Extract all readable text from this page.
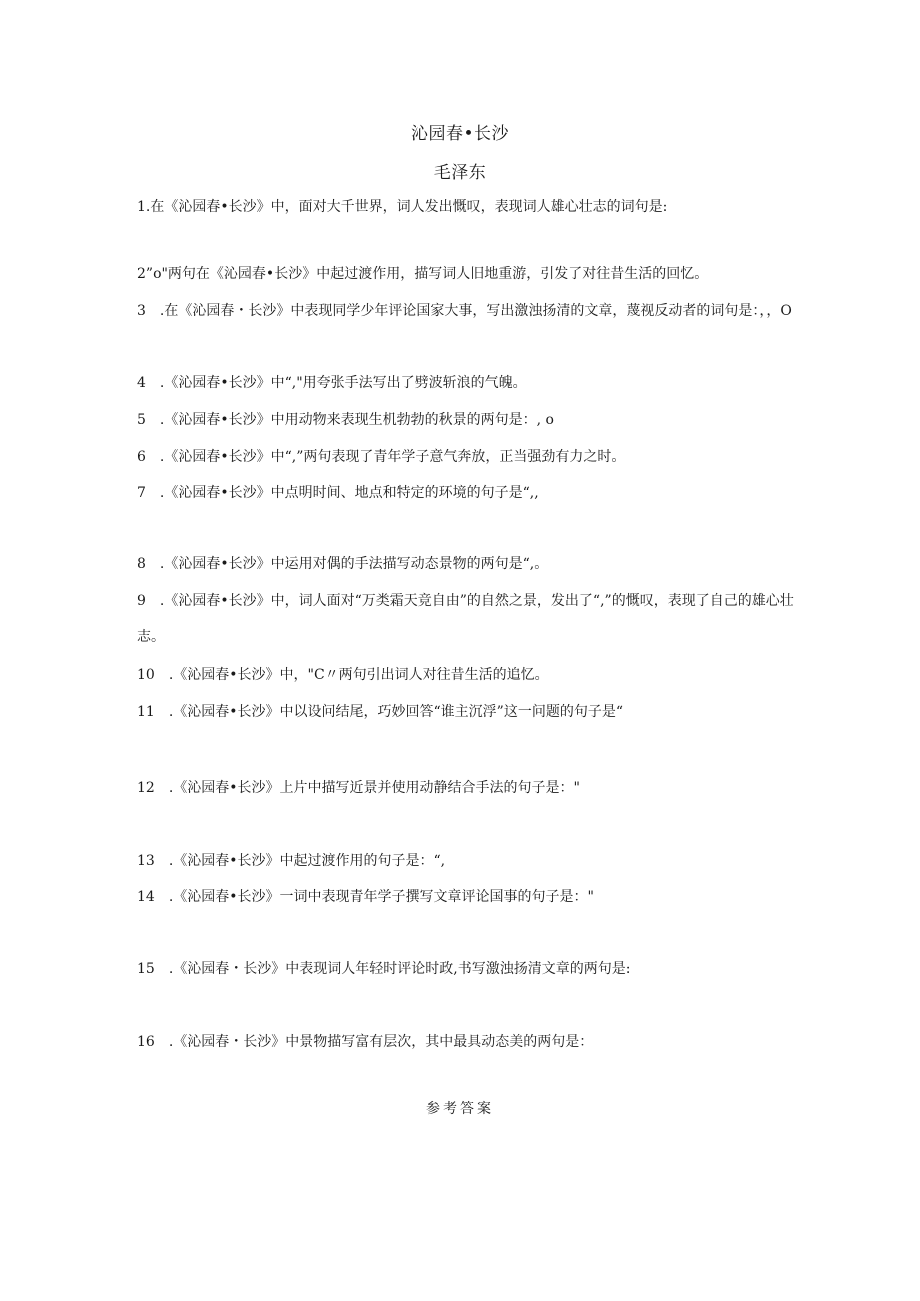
沁园春•长沙
毛泽东
1.在《沁园春•长沙》中，面对大千世界，词人发出慨叹，表现词人雄心壮志的词句是:
2”o"两句在《沁园春•长沙》中起过渡作用，描写词人旧地重游，引发了对往昔生活的回忆。
3　.在《沁园春・长沙》中表现同学少年评论国家大事，写出激浊扬清的文章，蔑视反动者的词句是：，，O
4　.《沁园春•长沙》中“,"用夸张手法写出了劈波斩浪的气魄。
5　.《沁园春•长沙》中用动物来表现生机勃勃的秋景的两句是：, o
6　.《沁园春•长沙》中“,”两句表现了青年学子意气奔放，正当强劲有力之时。
7　.《沁园春•长沙》中点明时间、地点和特定的环境的句子是“,,
8　.《沁园春•长沙》中运用对偶的手法描写动态景物的两句是“,。
9　.《沁园春•长沙》中，词人面对“万类霜天竞自由”的自然之景，发出了“,”的慨叹，表现了自己的雄心壮志。
10　.《沁园春•长沙》中，"C〃两句引出词人对往昔生活的追忆。
11　.《沁园春•长沙》中以设问结尾，巧妙回答“谁主沉浮”这一问题的句子是“
12　.《沁园春•长沙》上片中描写近景并使用动静结合手法的句子是："
13　.《沁园春•长沙》中起过渡作用的句子是：“,
14　.《沁园春•长沙》一词中表现青年学子撰写文章评论国事的句子是："
15　.《沁园春・长沙》中表现词人年轻时评论时政,书写激浊扬清文章的两句是:
16　.《沁园春・长沙》中景物描写富有层次，其中最具动态美的两句是：
参考答案
